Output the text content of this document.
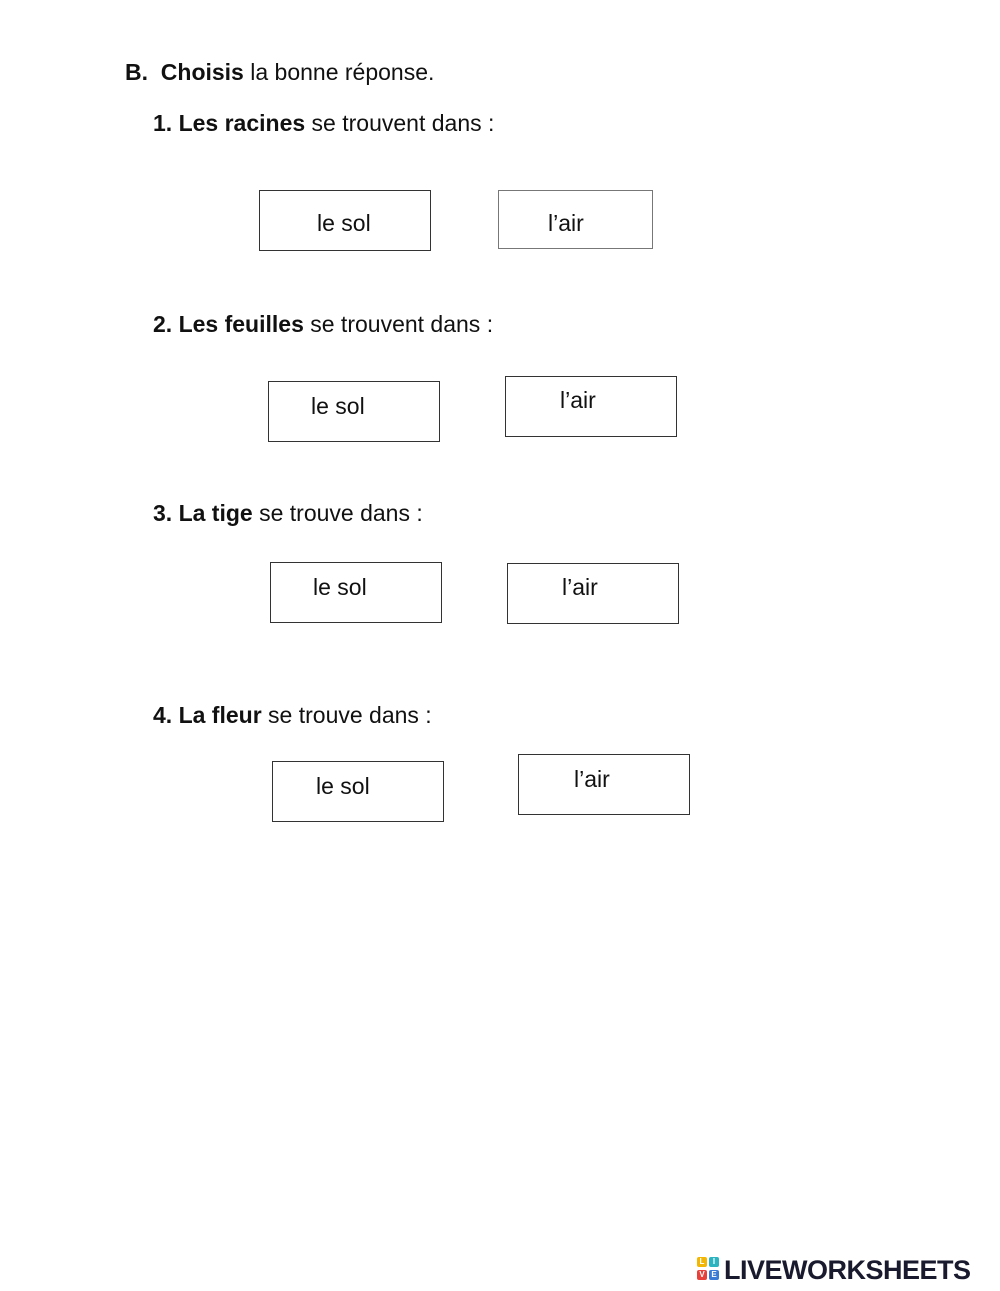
B. Choisis la bonne réponse.
1. Les racines se trouvent dans :
le sol	l’air
2. Les feuilles se trouvent dans :
le sol	l’air
3. La tige se trouve dans :
le sol	l’air
4. La fleur se trouve dans :
le sol	l’air
L	I
V E LIVEWORKSHEETS
